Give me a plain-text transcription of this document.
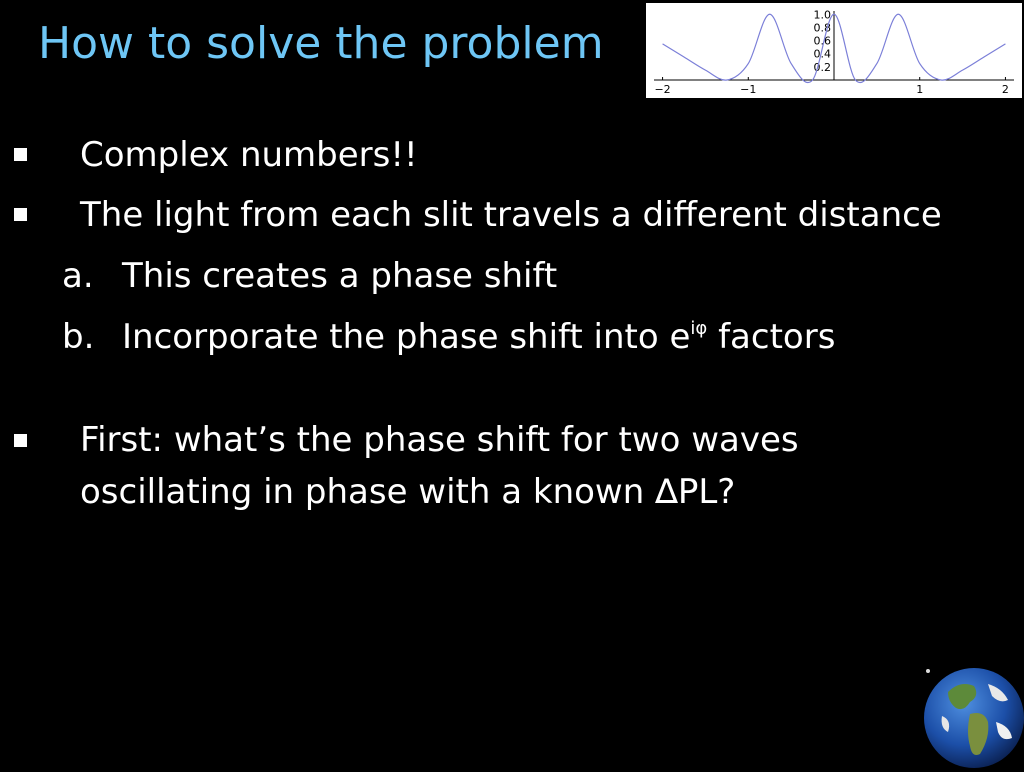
How to solve the problem
−2	−1	1	2
1.0
0.8
0.6
0.4
0.2
Complex numbers!!
The light from each slit travels a different distance
a. This creates a phase shift
b. Incorporate the phase shift into $e^{i\varphi}$ factors
First: what’s the phase shift for two waves
oscillating in phase with a known ∆PL?
